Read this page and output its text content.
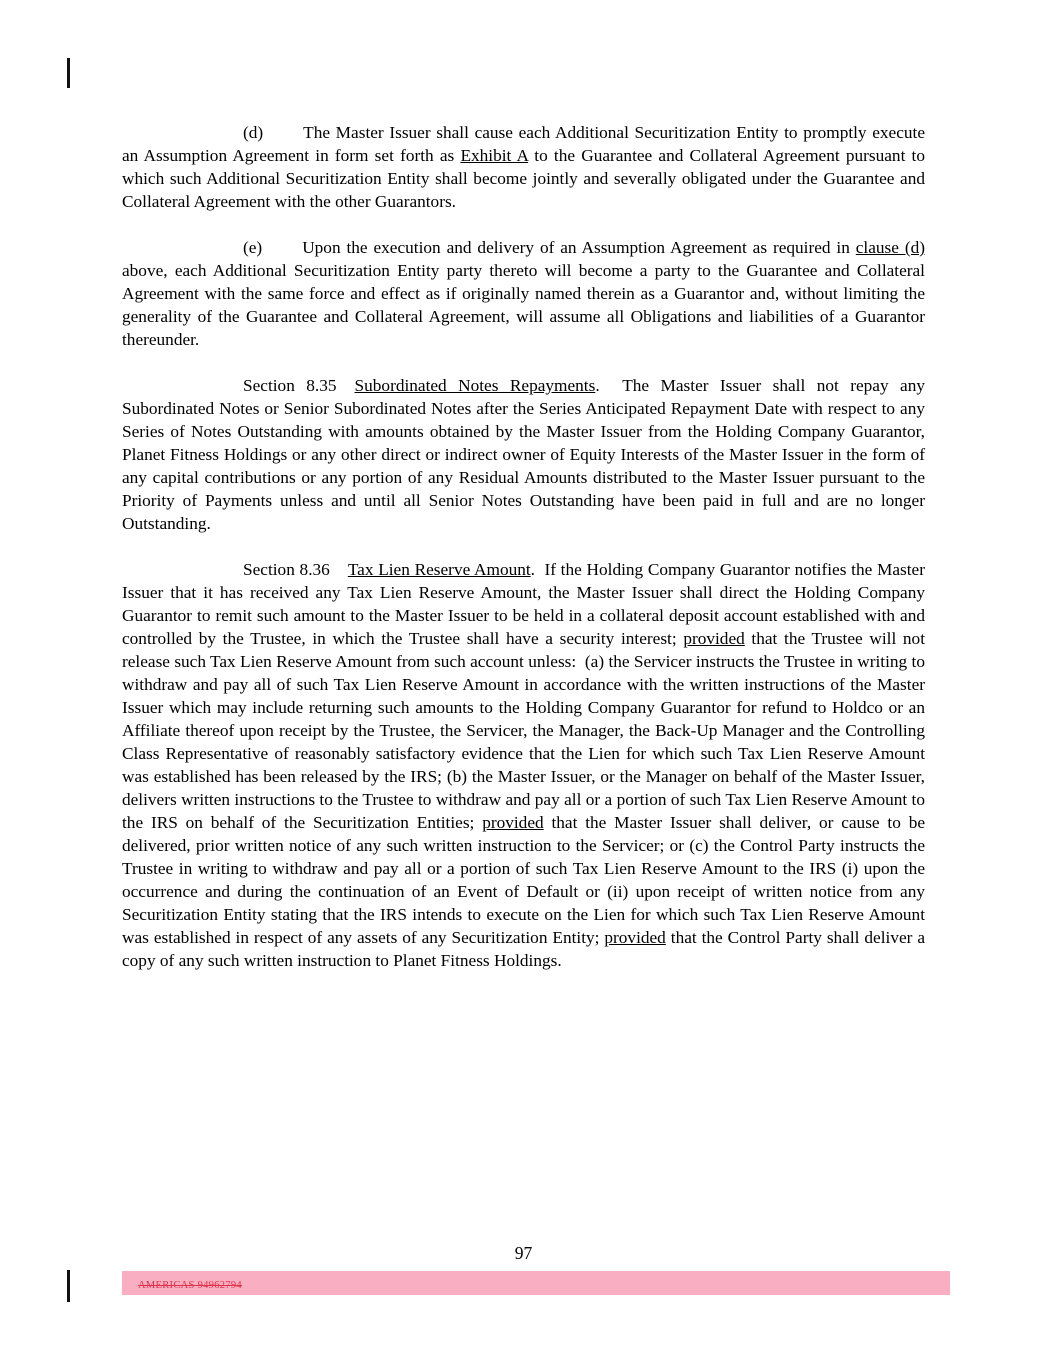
(d) The Master Issuer shall cause each Additional Securitization Entity to promptly execute an Assumption Agreement in form set forth as Exhibit A to the Guarantee and Collateral Agreement pursuant to which such Additional Securitization Entity shall become jointly and severally obligated under the Guarantee and Collateral Agreement with the other Guarantors.

(e) Upon the execution and delivery of an Assumption Agreement as required in clause (d) above, each Additional Securitization Entity party thereto will become a party to the Guarantee and Collateral Agreement with the same force and effect as if originally named therein as a Guarantor and, without limiting the generality of the Guarantee and Collateral Agreement, will assume all Obligations and liabilities of a Guarantor thereunder.

Section 8.35 Subordinated Notes Repayments.  The Master Issuer shall not repay any Subordinated Notes or Senior Subordinated Notes after the Series Anticipated Repayment Date with respect to any Series of Notes Outstanding with amounts obtained by the Master Issuer from the Holding Company Guarantor, Planet Fitness Holdings or any other direct or indirect owner of Equity Interests of the Master Issuer in the form of any capital contributions or any portion of any Residual Amounts distributed to the Master Issuer pursuant to the Priority of Payments unless and until all Senior Notes Outstanding have been paid in full and are no longer Outstanding.

Section 8.36 Tax Lien Reserve Amount.  If the Holding Company Guarantor notifies the Master Issuer that it has received any Tax Lien Reserve Amount, the Master Issuer shall direct the Holding Company Guarantor to remit such amount to the Master Issuer to be held in a collateral deposit account established with and controlled by the Trustee, in which the Trustee shall have a security interest; provided that the Trustee will not release such Tax Lien Reserve Amount from such account unless:  (a) the Servicer instructs the Trustee in writing to withdraw and pay all of such Tax Lien Reserve Amount in accordance with the written instructions of the Master Issuer which may include returning such amounts to the Holding Company Guarantor for refund to Holdco or an Affiliate thereof upon receipt by the Trustee, the Servicer, the Manager, the Back-Up Manager and the Controlling Class Representative of reasonably satisfactory evidence that the Lien for which such Tax Lien Reserve Amount was established has been released by the IRS; (b) the Master Issuer, or the Manager on behalf of the Master Issuer, delivers written instructions to the Trustee to withdraw and pay all or a portion of such Tax Lien Reserve Amount to the IRS on behalf of the Securitization Entities; provided that the Master Issuer shall deliver, or cause to be delivered, prior written notice of any such written instruction to the Servicer; or (c) the Control Party instructs the Trustee in writing to withdraw and pay all or a portion of such Tax Lien Reserve Amount to the IRS (i) upon the occurrence and during the continuation of an Event of Default or (ii) upon receipt of written notice from any Securitization Entity stating that the IRS intends to execute on the Lien for which such Tax Lien Reserve Amount was established in respect of any assets of any Securitization Entity; provided that the Control Party shall deliver a copy of any such written instruction to Planet Fitness Holdings.

97
AMERICAS 94962794
